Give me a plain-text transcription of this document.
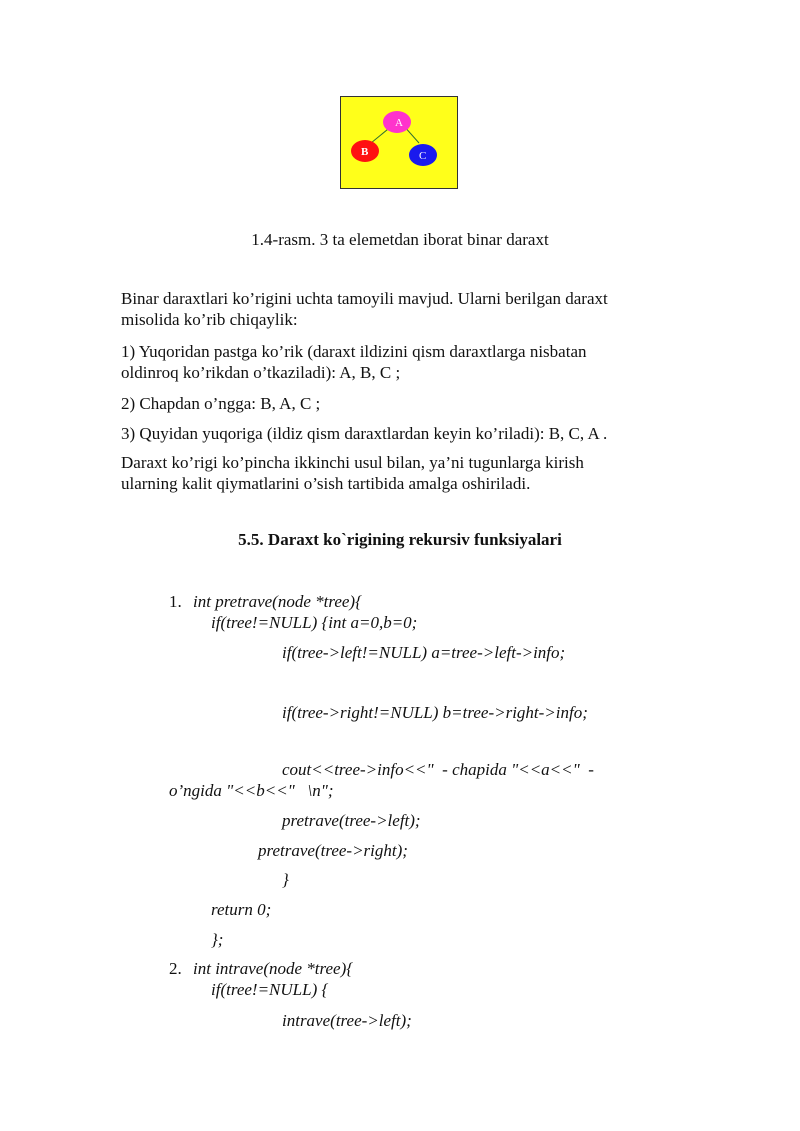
A
B	C
1.4-rasm. 3 ta elemetdan iborat binar daraxt
Binar daraxtlari ko’rigini uchta tamoyili mavjud. Ularni berilgan daraxt
misolida ko’rib chiqaylik:
1) Yuqoridan pastga ko’rik (daraxt ildizini qism daraxtlarga nisbatan
oldinroq ko’rikdan o’tkaziladi): A, B, C ;
2) Chapdan o’ngga: B, A, C ;
3) Quyidan yuqoriga (ildiz qism daraxtlardan keyin ko’riladi): B, C, A .
Daraxt ko’rigi ko’pincha ikkinchi usul bilan, ya’ni tugunlarga kirish
ularning kalit qiymatlarini o’sish tartibida amalga oshiriladi.
5.5. Daraxt ko`rigining rekursiv funksiyalari
1. int pretrave(node *tree){
if(tree!=NULL) {int a=0,b=0;
if(tree->left!=NULL) a=tree->left->info;
if(tree->right!=NULL) b=tree->right->info;
cout<<tree->info<<"  - chapida "<<a<<"  -
o’ngida "<<b<<"   \n";
pretrave(tree->left);
pretrave(tree->right);
}
return 0;
};
2. int intrave(node *tree){
if(tree!=NULL) {
intrave(tree->left);
